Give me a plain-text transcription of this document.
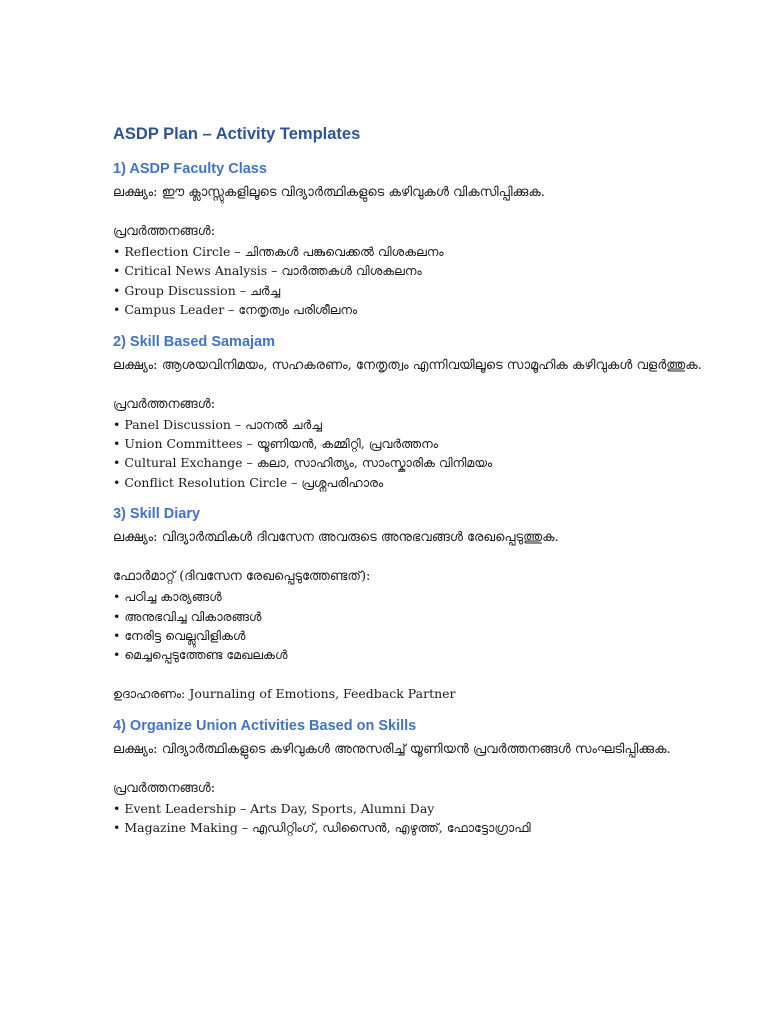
ASDP Plan – Activity Templates
1) ASDP Faculty Class

ലക്ഷ്യം: ഈ ക്ലാസ്സുകളിലൂടെ വിദ്യാർത്ഥികളുടെ കഴിവുകൾ വികസിപ്പിക്കുക.

പ്രവർത്തനങ്ങൾ:

• Reflection Circle – ചിന്തകൾ പങ്കുവെക്കൽ വിശകലനം
• Critical News Analysis – വാർത്തകൾ വിശകലനം
• Group Discussion – ചർച്ച
• Campus Leader – നേതൃത്വം പരിശീലനം
2) Skill Based Samajam

ലക്ഷ്യം: ആശയവിനിമയം, സഹകരണം, നേതൃത്വം എന്നിവയിലൂടെ സാമൂഹിക കഴിവുകൾ വളർത്തുക.

പ്രവർത്തനങ്ങൾ:

• Panel Discussion – പാനൽ ചർച്ച
• Union Committees – യൂണിയൻ, കമ്മിറ്റി, പ്രവർത്തനം
• Cultural Exchange – കലാ, സാഹിത്യം, സാംസ്കാരിക വിനിമയം
• Conflict Resolution Circle – പ്രശ്നപരിഹാരം
3) Skill Diary

ലക്ഷ്യം: വിദ്യാർത്ഥികൾ ദിവസേന അവരുടെ അനുഭവങ്ങൾ രേഖപ്പെടുത്തുക.

ഫോർമാറ്റ് (ദിവസേന രേഖപ്പെടുത്തേണ്ടത്):

• പഠിച്ച കാര്യങ്ങൾ
• അനുഭവിച്ച വികാരങ്ങൾ
• നേരിട്ട വെല്ലുവിളികൾ
• മെച്ചപ്പെടുത്തേണ്ട മേഖലകൾ

ഉദാഹരണം: Journaling of Emotions, Feedback Partner

4) Organize Union Activities Based on Skills

ലക്ഷ്യം: വിദ്യാർത്ഥികളുടെ കഴിവുകൾ അനുസരിച്ച് യൂണിയൻ പ്രവർത്തനങ്ങൾ സംഘടിപ്പിക്കുക.

പ്രവർത്തനങ്ങൾ:

• Event Leadership – Arts Day, Sports, Alumni Day
• Magazine Making – എഡിറ്റിംഗ്, ഡിസൈൻ, എഴുത്ത്, ഫോട്ടോഗ്രാഫി
